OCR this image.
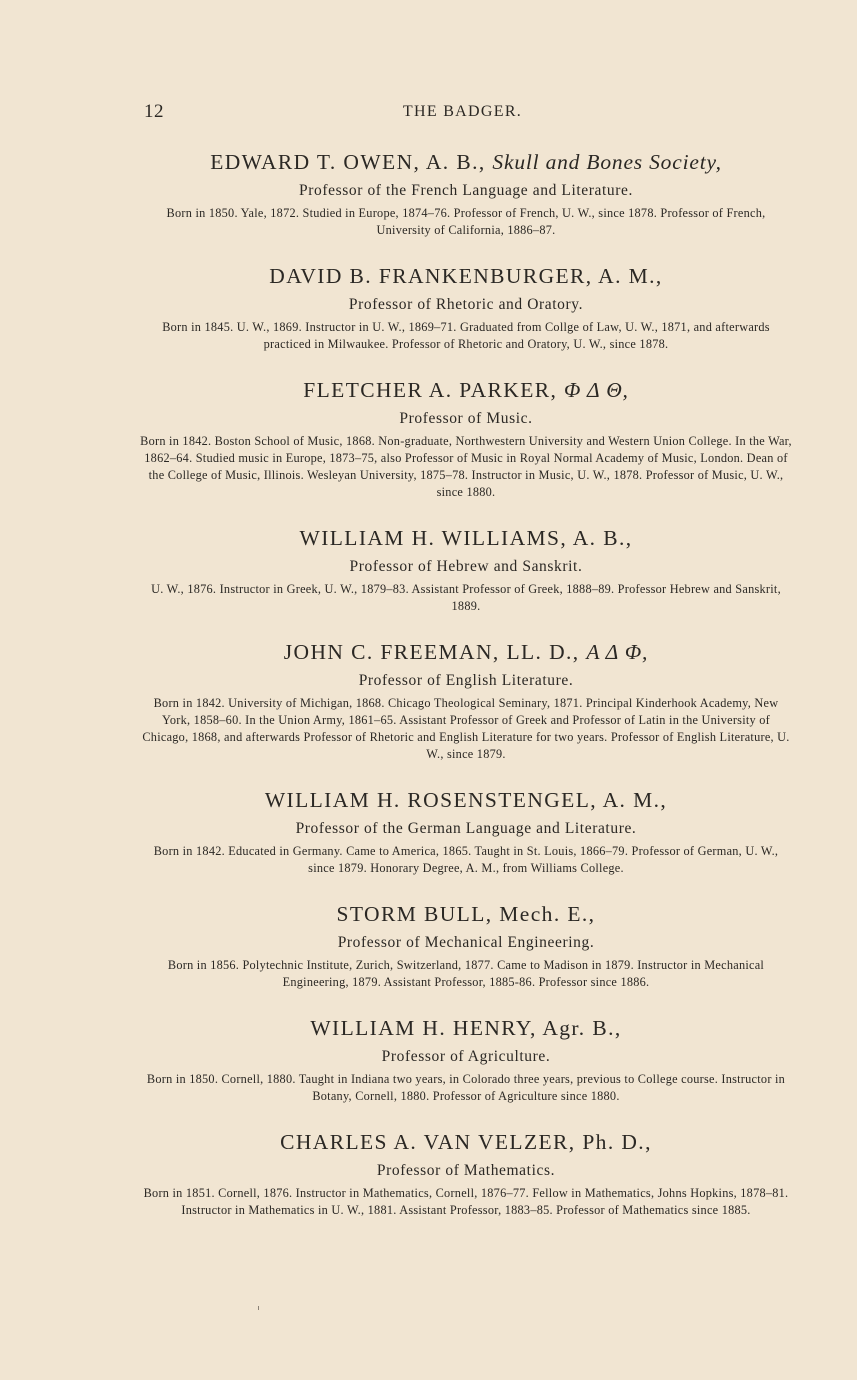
12	THE BADGER.

EDWARD T. OWEN, A. B., Skull and Bones Society,

Professor of the French Language and Literature.

Born in 1850. Yale, 1872. Studied in Europe, 1874–76. Professor of French, U. W., since 1878. Professor of French, University of California, 1886–87.

DAVID B. FRANKENBURGER, A. M.,

Professor of Rhetoric and Oratory.

Born in 1845. U. W., 1869. Instructor in U. W., 1869–71. Graduated from Collge of Law, U. W., 1871, and afterwards practiced in Milwaukee. Professor of Rhetoric and Oratory, U. W., since 1878.

FLETCHER A. PARKER, Φ Δ Θ,

Professor of Music.

Born in 1842. Boston School of Music, 1868. Non-graduate, Northwestern University and Western Union College. In the War, 1862–64. Studied music in Europe, 1873–75, also Professor of Music in Royal Normal Academy of Music, London. Dean of the College of Music, Illinois. Wesleyan University, 1875–78. Instructor in Music, U. W., 1878. Professor of Music, U. W., since 1880.

WILLIAM H. WILLIAMS, A. B.,

Professor of Hebrew and Sanskrit.

U. W., 1876. Instructor in Greek, U. W., 1879–83. Assistant Professor of Greek, 1888–89. Professor Hebrew and Sanskrit, 1889.

JOHN C. FREEMAN, LL. D., Α Δ Φ,

Professor of English Literature.

Born in 1842. University of Michigan, 1868. Chicago Theological Seminary, 1871. Principal Kinderhook Academy, New York, 1858–60. In the Union Army, 1861–65. Assistant Professor of Greek and Professor of Latin in the University of Chicago, 1868, and afterwards Professor of Rhetoric and English Literature for two years. Professor of English Literature, U. W., since 1879.

WILLIAM H. ROSENSTENGEL, A. M.,

Professor of the German Language and Literature.

Born in 1842. Educated in Germany. Came to America, 1865. Taught in St. Louis, 1866–79. Professor of German, U. W., since 1879. Honorary Degree, A. M., from Williams College.

STORM BULL, Mech. E.,

Professor of Mechanical Engineering.

Born in 1856. Polytechnic Institute, Zurich, Switzerland, 1877. Came to Madison in 1879. Instructor in Mechanical Engineering, 1879. Assistant Professor, 1885-86. Professor since 1886.

WILLIAM H. HENRY, Agr. B.,

Professor of Agriculture.

Born in 1850. Cornell, 1880. Taught in Indiana two years, in Colorado three years, previous to College course. Instructor in Botany, Cornell, 1880. Professor of Agriculture since 1880.

CHARLES A. VAN VELZER, Ph. D.,

Professor of Mathematics.

Born in 1851. Cornell, 1876. Instructor in Mathematics, Cornell, 1876–77. Fellow in Mathematics, Johns Hopkins, 1878–81. Instructor in Mathematics in U. W., 1881. Assistant Professor, 1883–85. Professor of Mathematics since 1885.
